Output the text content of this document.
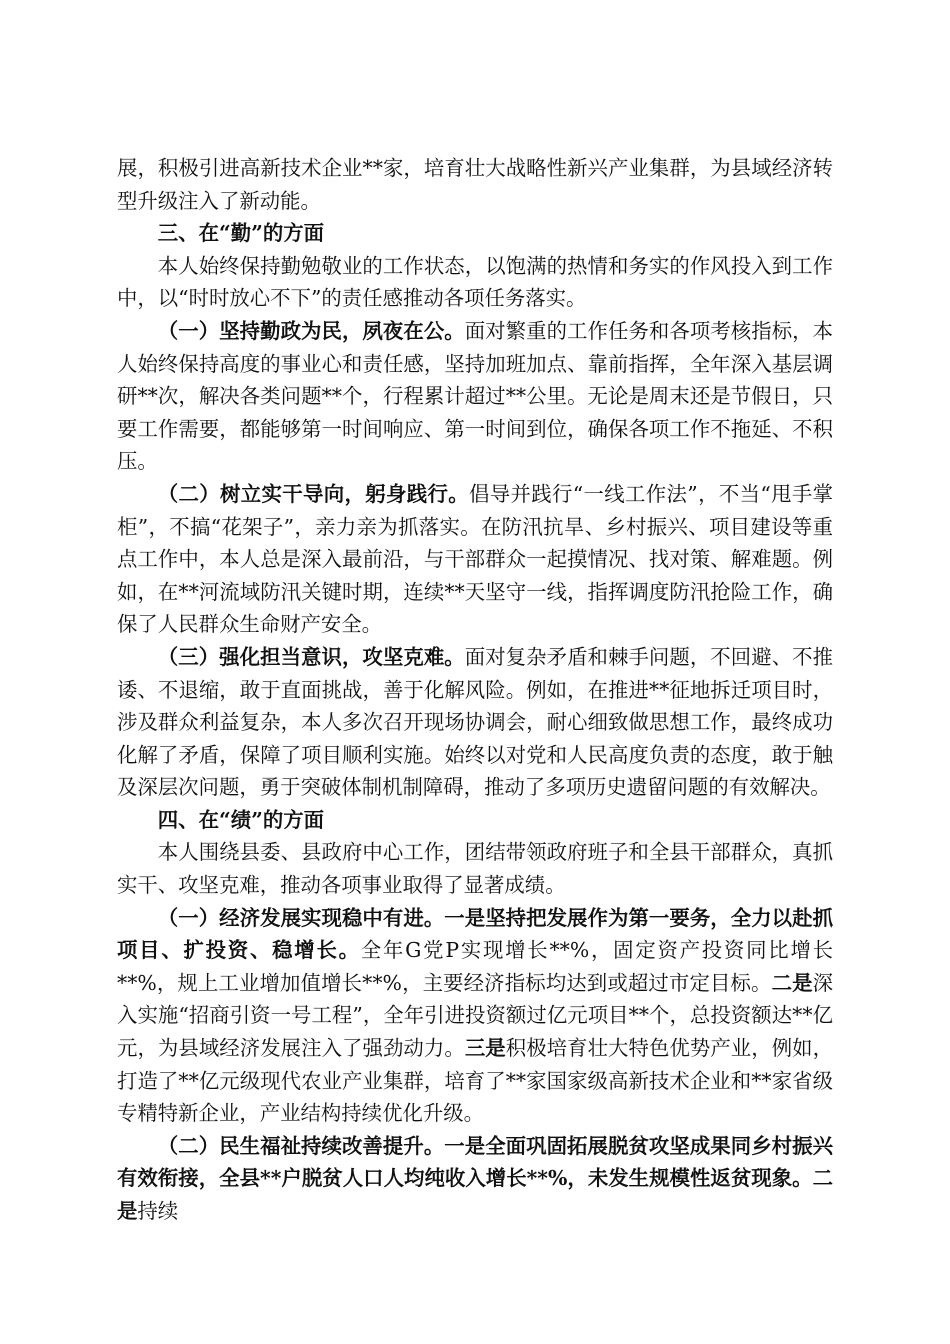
展，积极引进高新技术企业**家，培育壮大战略性新兴产业集群，为县域经济转型升级注入了新动能。

三、在“勤”的方面

本人始终保持勤勉敬业的工作状态，以饱满的热情和务实的作风投入到工作中，以“时时放心不下”的责任感推动各项任务落实。

（一）坚持勤政为民，夙夜在公。面对繁重的工作任务和各项考核指标，本人始终保持高度的事业心和责任感，坚持加班加点、靠前指挥，全年深入基层调研**次，解决各类问题**个，行程累计超过**公里。无论是周末还是节假日，只要工作需要，都能够第一时间响应、第一时间到位，确保各项工作不拖延、不积压。

（二）树立实干导向，躬身践行。倡导并践行“一线工作法”，不当“甩手掌柜”，不搞“花架子”，亲力亲为抓落实。在防汛抗旱、乡村振兴、项目建设等重点工作中，本人总是深入最前沿，与干部群众一起摸情况、找对策、解难题。例如，在**河流域防汛关键时期，连续**天坚守一线，指挥调度防汛抢险工作，确保了人民群众生命财产安全。

（三）强化担当意识，攻坚克难。面对复杂矛盾和棘手问题，不回避、不推诿、不退缩，敢于直面挑战，善于化解风险。例如，在推进**征地拆迁项目时，涉及群众利益复杂，本人多次召开现场协调会，耐心细致做思想工作，最终成功化解了矛盾，保障了项目顺利实施。始终以对党和人民高度负责的态度，敢于触及深层次问题，勇于突破体制机制障碍，推动了多项历史遗留问题的有效解决。

四、在“绩”的方面

本人围绕县委、县政府中心工作，团结带领政府班子和全县干部群众，真抓实干、攻坚克难，推动各项事业取得了显著成绩。

（一）经济发展实现稳中有进。一是坚持把发展作为第一要务，全力以赴抓项目、扩投资、稳增长。全年G党P实现增长**%，固定资产投资同比增长**%，规上工业增加值增长**%，主要经济指标均达到或超过市定目标。二是深入实施“招商引资一号工程”，全年引进投资额过亿元项目**个，总投资额达**亿元，为县域经济发展注入了强劲动力。三是积极培育壮大特色优势产业，例如，打造了**亿元级现代农业产业集群，培育了**家国家级高新技术企业和**家省级专精特新企业，产业结构持续优化升级。

（二）民生福祉持续改善提升。一是全面巩固拓展脱贫攻坚成果同乡村振兴有效衔接，全县**户脱贫人口人均纯收入增长**%，未发生规模性返贫现象。二是持续
